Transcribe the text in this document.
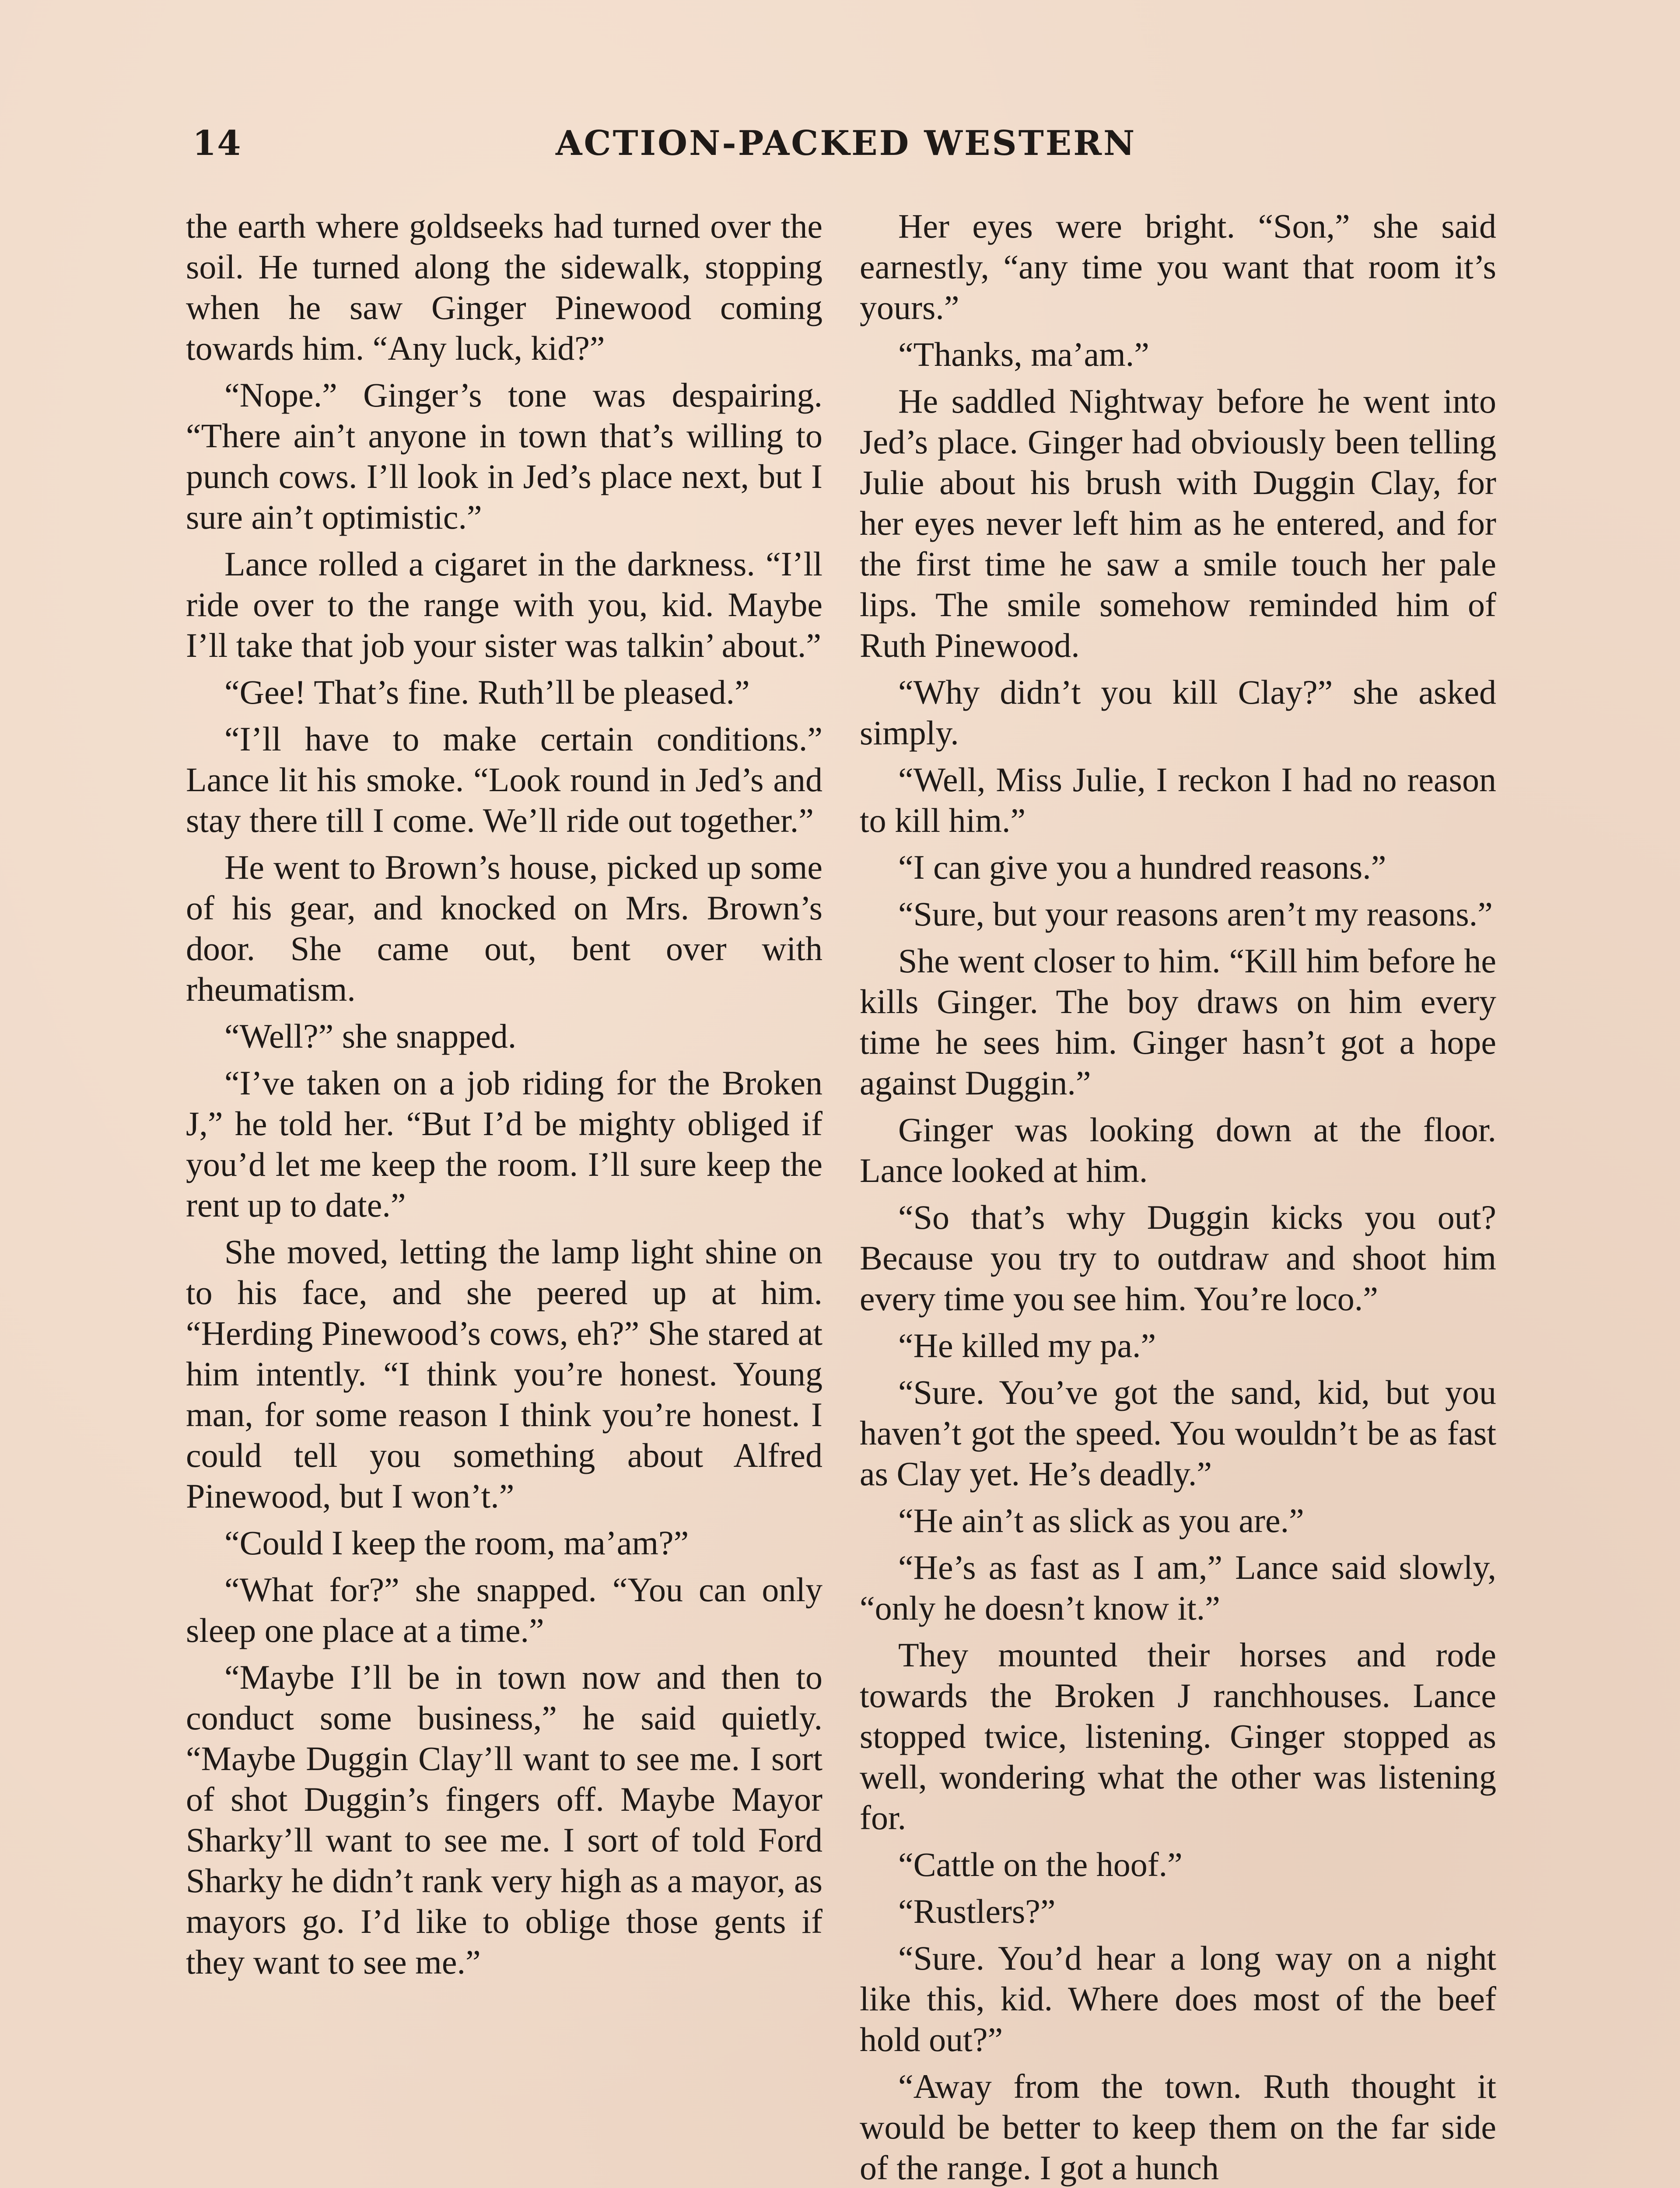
14	ACTION-PACKED WESTERN

the earth where goldseeks had turned over the soil. He turned along the sidewalk, stopping when he saw Ginger Pinewood coming towards him. “Any luck, kid?”

“Nope.” Ginger’s tone was despairing. “There ain’t anyone in town that’s willing to punch cows. I’ll look in Jed’s place next, but I sure ain’t optimistic.”

Lance rolled a cigaret in the darkness. “I’ll ride over to the range with you, kid. Maybe I’ll take that job your sister was talkin’ about.”

“Gee! That’s fine. Ruth’ll be pleased.”

“I’ll have to make certain conditions.” Lance lit his smoke. “Look round in Jed’s and stay there till I come. We’ll ride out together.”

He went to Brown’s house, picked up some of his gear, and knocked on Mrs. Brown’s door. She came out, bent over with rheumatism.

“Well?” she snapped.

“I’ve taken on a job riding for the Broken J,” he told her. “But I’d be mighty obliged if you’d let me keep the room. I’ll sure keep the rent up to date.”

She moved, letting the lamp light shine on to his face, and she peered up at him. “Herding Pinewood’s cows, eh?” She stared at him intently. “I think you’re honest. Young man, for some reason I think you’re honest. I could tell you something about Alfred Pinewood, but I won’t.”

“Could I keep the room, ma’am?”

“What for?” she snapped. “You can only sleep one place at a time.”

“Maybe I’ll be in town now and then to conduct some business,” he said quietly. “Maybe Duggin Clay’ll want to see me. I sort of shot Duggin’s fingers off. Maybe Mayor Sharky’ll want to see me. I sort of told Ford Sharky he didn’t rank very high as a mayor, as mayors go. I’d like to oblige those gents if they want to see me.”

Her eyes were bright. “Son,” she said earnestly, “any time you want that room it’s yours.”

“Thanks, ma’am.”

He saddled Nightway before he went into Jed’s place. Ginger had obviously been telling Julie about his brush with Duggin Clay, for her eyes never left him as he entered, and for the first time he saw a smile touch her pale lips. The smile somehow reminded him of Ruth Pinewood.

“Why didn’t you kill Clay?” she asked simply.

“Well, Miss Julie, I reckon I had no reason to kill him.”

“I can give you a hundred reasons.”

“Sure, but your reasons aren’t my reasons.”

She went closer to him. “Kill him before he kills Ginger. The boy draws on him every time he sees him. Ginger hasn’t got a hope against Duggin.”

Ginger was looking down at the floor. Lance looked at him.

“So that’s why Duggin kicks you out? Because you try to outdraw and shoot him every time you see him. You’re loco.”

“He killed my pa.”

“Sure. You’ve got the sand, kid, but you haven’t got the speed. You wouldn’t be as fast as Clay yet. He’s deadly.”

“He ain’t as slick as you are.”

“He’s as fast as I am,” Lance said slowly, “only he doesn’t know it.”

They mounted their horses and rode towards the Broken J ranchhouses. Lance stopped twice, listening. Ginger stopped as well, wondering what the other was listening for.

“Cattle on the hoof.”

“Rustlers?”

“Sure. You’d hear a long way on a night like this, kid. Where does most of the beef hold out?”

“Away from the town. Ruth thought it would be better to keep them on the far side of the range. I got a hunch
